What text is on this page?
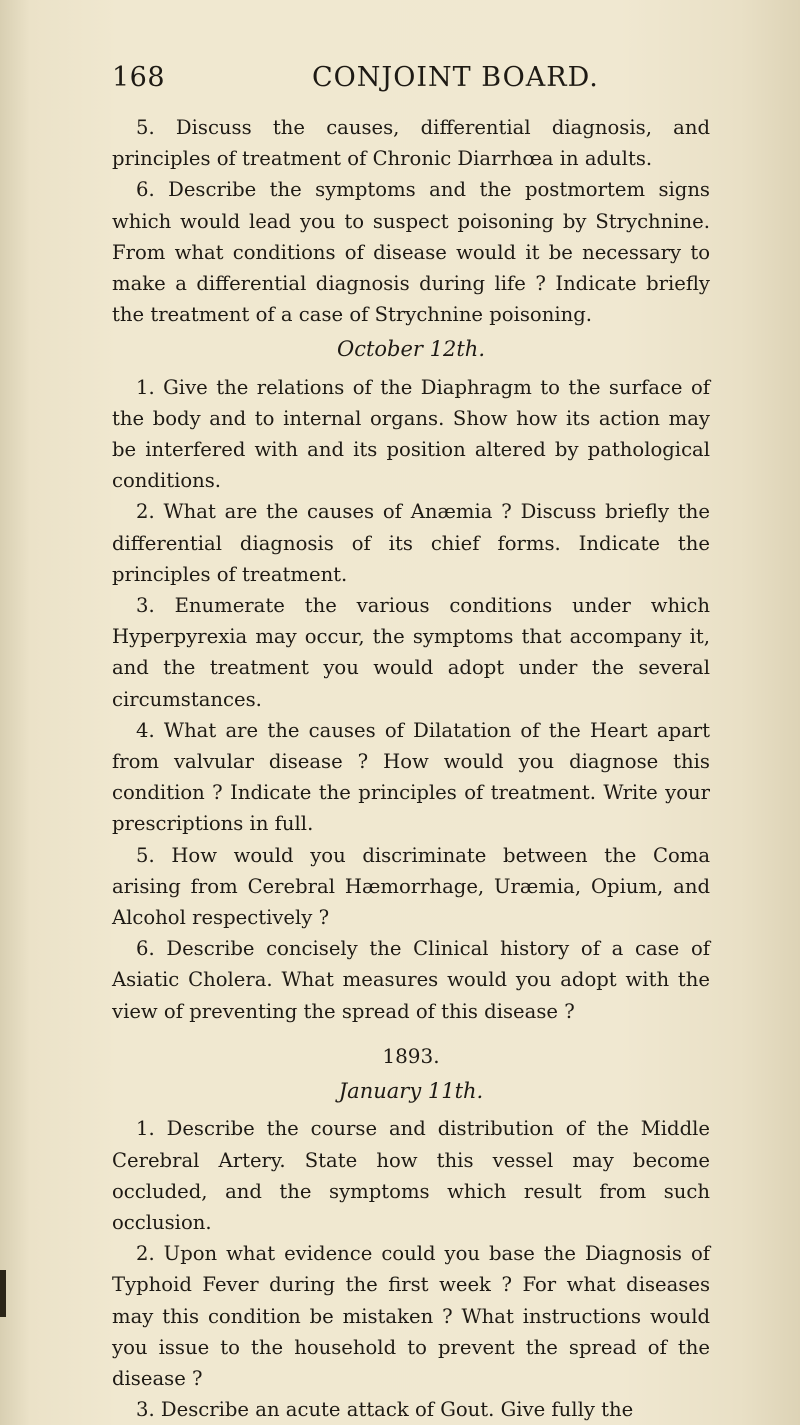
168	CONJOINT BOARD.

5. Discuss the causes, differential diagnosis, and principles of treatment of Chronic Diarrhœa in adults.

6. Describe the symptoms and the postmortem signs which would lead you to suspect poisoning by Strychnine. From what conditions of disease would it be necessary to make a differential diagnosis during life ? Indicate briefly the treatment of a case of Strychnine poisoning.

October 12th.

1. Give the relations of the Diaphragm to the surface of the body and to internal organs. Show how its action may be interfered with and its position altered by pathological conditions.

2. What are the causes of Anæmia ? Discuss briefly the differential diagnosis of its chief forms. Indicate the principles of treatment.

3. Enumerate the various conditions under which Hyperpyrexia may occur, the symptoms that accompany it, and the treatment you would adopt under the several circumstances.

4. What are the causes of Dilatation of the Heart apart from valvular disease ? How would you diagnose this condition ? Indicate the principles of treatment. Write your prescriptions in full.

5. How would you discriminate between the Coma arising from Cerebral Hæmorrhage, Uræmia, Opium, and Alcohol respectively ?

6. Describe concisely the Clinical history of a case of Asiatic Cholera. What measures would you adopt with the view of preventing the spread of this disease ?

1893.

January 11th.

1. Describe the course and distribution of the Middle Cerebral Artery. State how this vessel may become occluded, and the symptoms which result from such occlusion.

2. Upon what evidence could you base the Diagnosis of Typhoid Fever during the first week ? For what diseases may this condition be mistaken ? What instructions would you issue to the household to prevent the spread of the disease ?

3. Describe an acute attack of Gout. Give fully the
